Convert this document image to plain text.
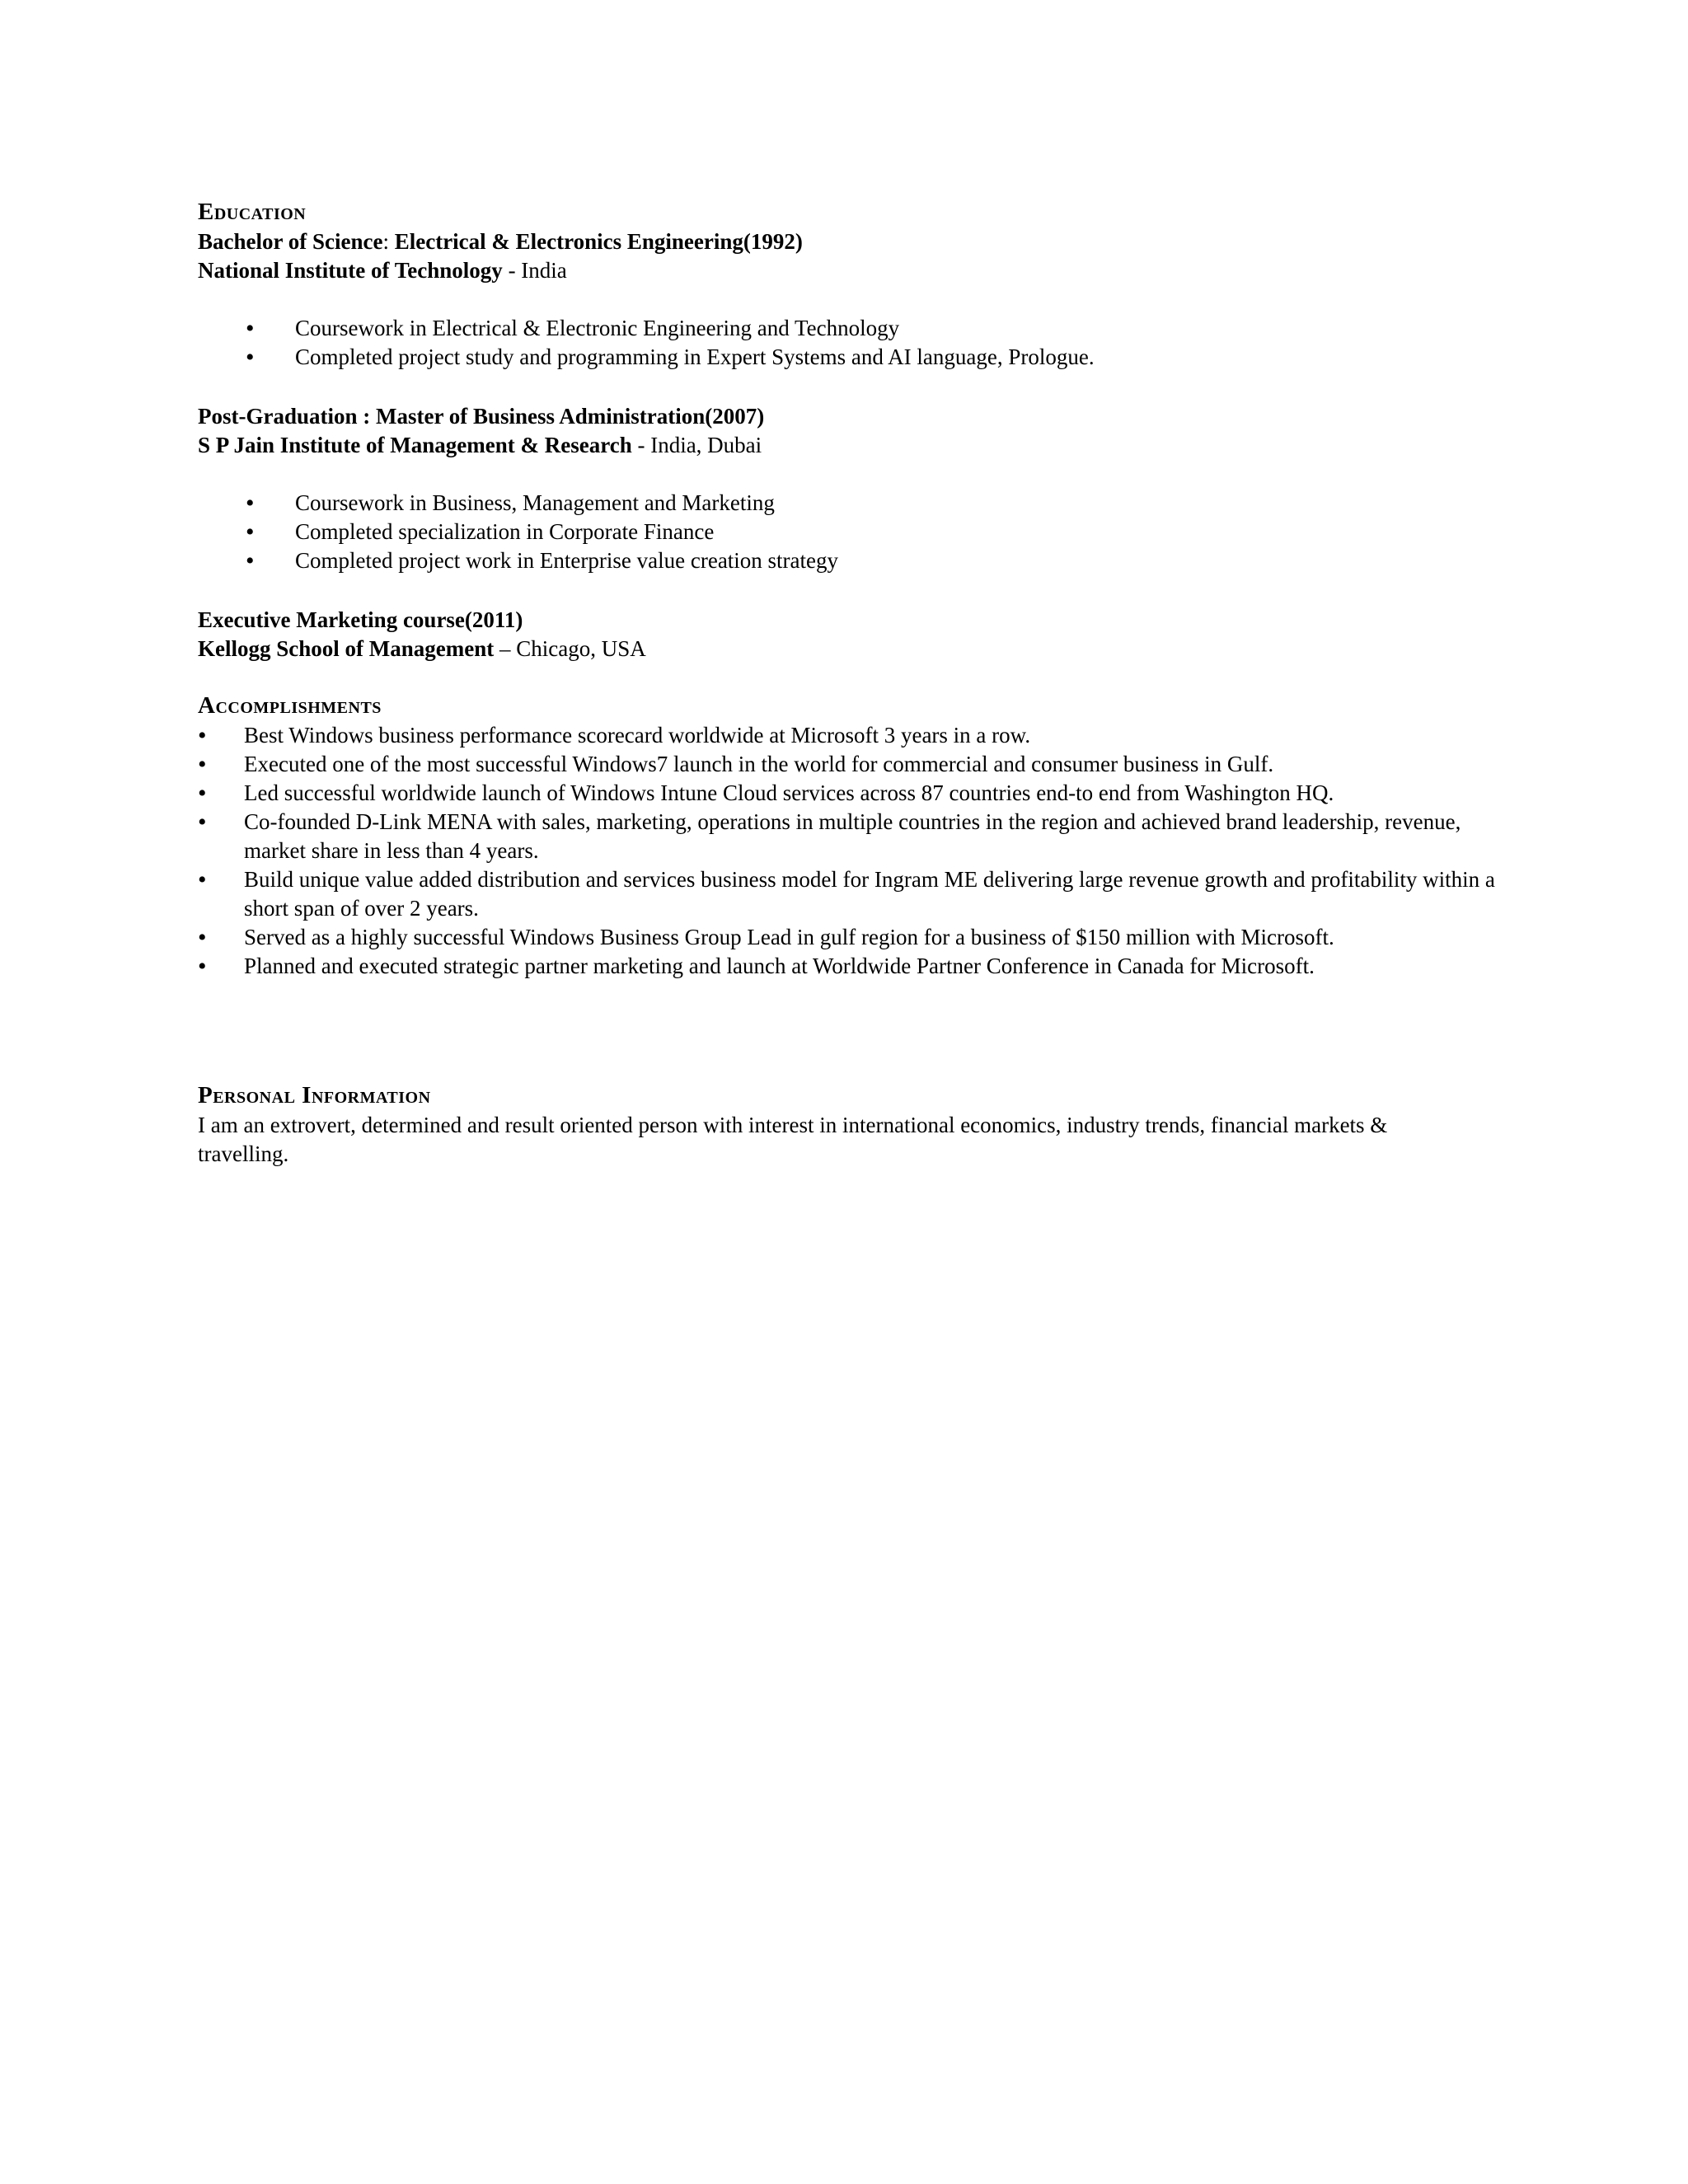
Education

Bachelor of Science: Electrical & Electronics Engineering(1992)

National Institute of Technology - India

• Coursework in Electrical & Electronic Engineering and Technology
• Completed project study and programming in Expert Systems and AI language, Prologue.

Post-Graduation : Master of Business Administration(2007)

S P Jain Institute of Management & Research - India, Dubai

• Coursework in Business, Management and Marketing
• Completed specialization in Corporate Finance
• Completed project work in Enterprise value creation strategy

Executive Marketing course(2011)

Kellogg School of Management – Chicago, USA

Accomplishments
• Best Windows business performance scorecard worldwide at Microsoft 3 years in a row.
• Executed one of the most successful Windows7 launch in the world for commercial and consumer business in Gulf.
• Led successful worldwide launch of Windows Intune Cloud services across 87 countries end-to end from Washington HQ.
• Co-founded D-Link MENA with sales, marketing, operations in multiple countries in the region and achieved brand leadership, revenue, market share in less than 4 years.
• Build unique value added distribution and services business model for Ingram ME delivering large revenue growth and profitability within a short span of over 2 years.
• Served as a highly successful Windows Business Group Lead in gulf region for a business of $150 million with Microsoft.
• Planned and executed strategic partner marketing and launch at Worldwide Partner Conference in Canada for Microsoft.
Personal Information

I am an extrovert, determined and result oriented person with interest in international economics, industry trends, financial markets & travelling.
